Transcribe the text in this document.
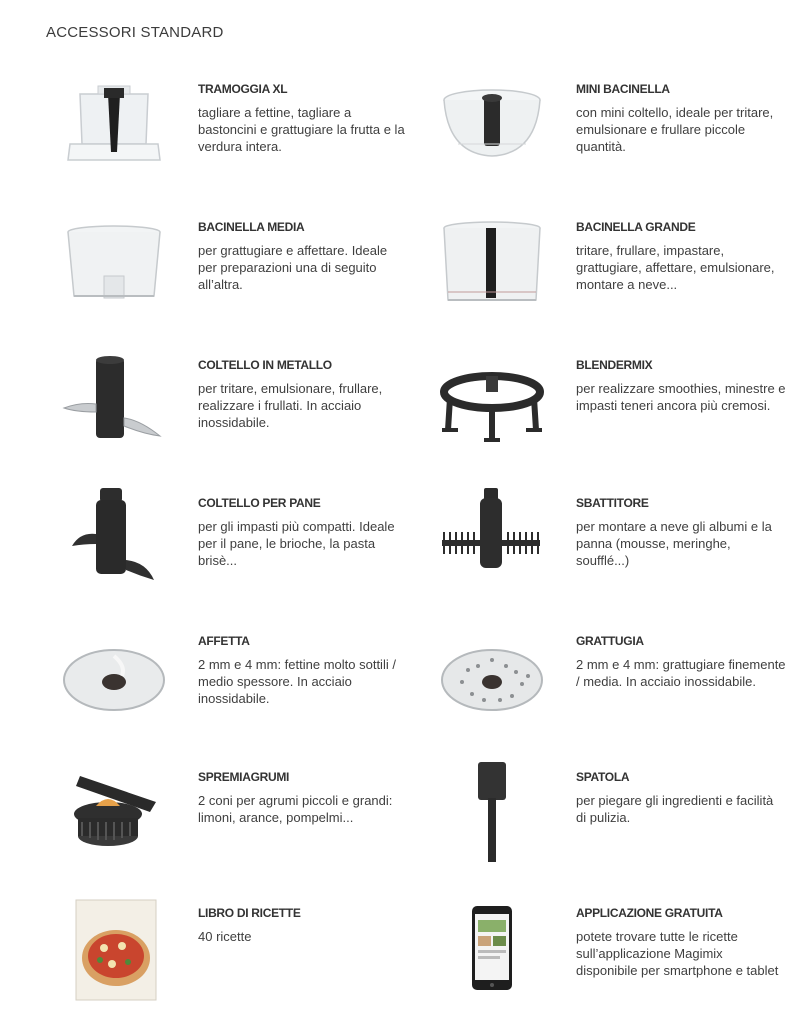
ACCESSORI STANDARD
TRAMOGGIA XL
tagliare a fettine, tagliare a bastoncini e grattugiare la frutta e la verdura intera.
MINI BACINELLA
con mini coltello, ideale per tritare, emulsionare e frullare piccole quantità.
BACINELLA MEDIA
per grattugiare e affettare. Ideale per preparazioni una di seguito all’altra.
BACINELLA GRANDE
tritare, frullare, impastare, grattugiare, affettare, emulsionare, montare a neve...
COLTELLO IN METALLO
per tritare, emulsionare, frullare, realizzare i frullati. In acciaio inossidabile.
BLENDERMIX
per realizzare smoothies, minestre e impasti teneri ancora più cremosi.
COLTELLO PER PANE
per gli impasti più compatti. Ideale per il pane, le brioche, la pasta brisè...
SBATTITORE
per montare a neve gli albumi e la panna (mousse, meringhe, soufflé...)
AFFETTA
2 mm e 4 mm: fettine molto sottili / medio spessore. In acciaio inossidabile.
GRATTUGIA
2 mm e 4 mm: grattugiare finemente / media. In acciaio inossidabile.
SPREMIAGRUMI
2 coni per agrumi piccoli e grandi: limoni, arance, pompelmi...
SPATOLA
per piegare gli ingredienti e facilità di pulizia.
LIBRO DI RICETTE
40 ricette
APPLICAZIONE GRATUITA
potete trovare tutte le ricette sull’applicazione Magimix disponibile per smartphone e tablet
